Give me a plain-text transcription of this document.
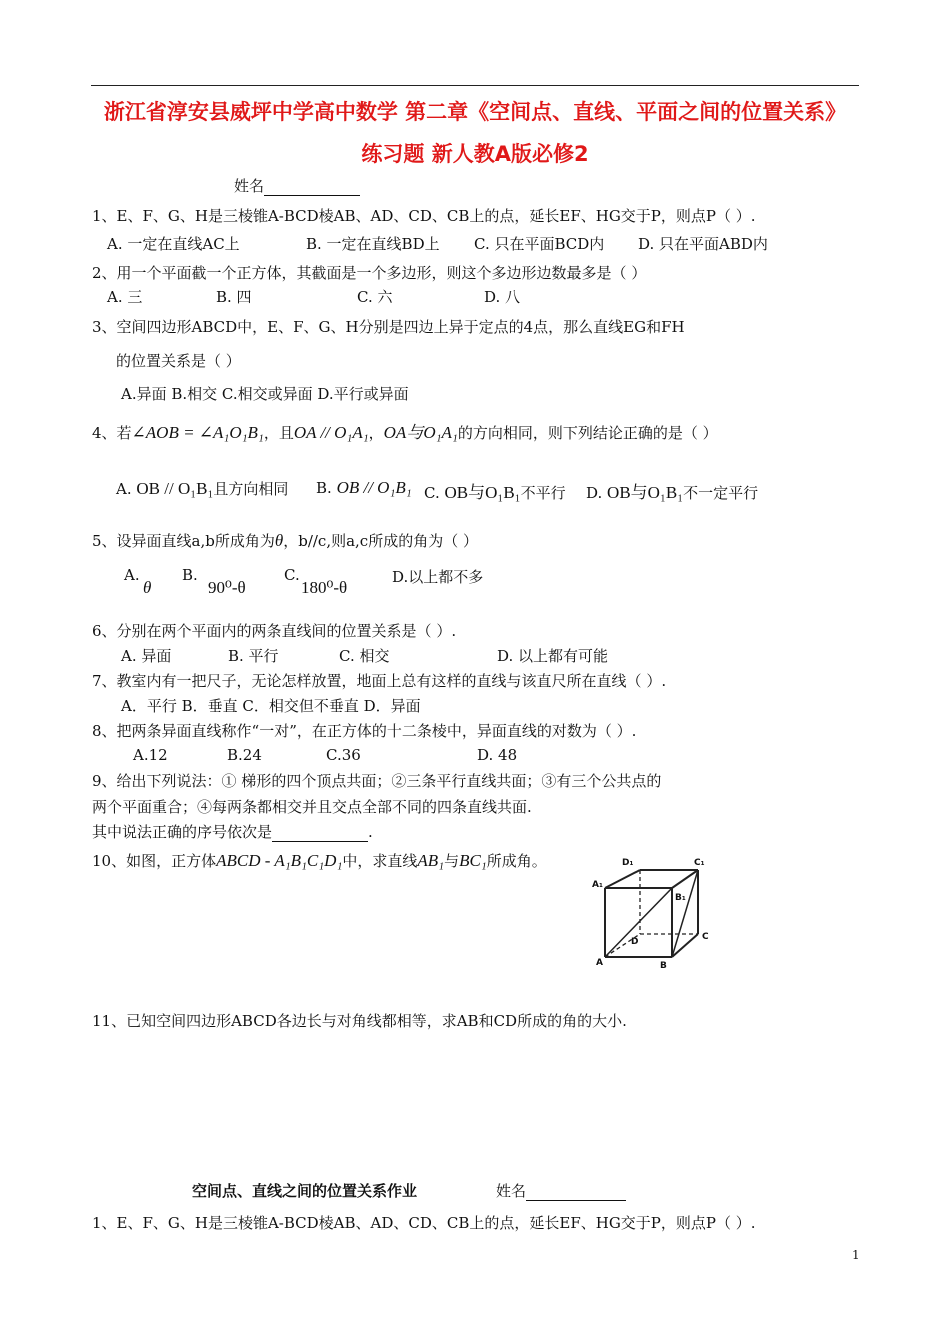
浙江省淳安县威坪中学高中数学 第二章《空间点、直线、平面之间的位置关系》
练习题 新人教A版必修2
姓名
1、E、F、G、H是三棱锥A-BCD棱AB、AD、CD、CB上的点，延长EF、HG交于P，则点P（ ）.
A. 一定在直线AC上	B. 一定在直线BD上 C. 只在平面BCD内 D. 只在平面ABD内
2、用一个平面截一个正方体，其截面是一个多边形，则这个多边形边数最多是（ ）
A. 三	B. 四	C. 六	D. 八
3、空间四边形ABCD中，E、F、G、H分别是四边上异于定点的4点，那么直线EG和FH
的位置关系是（ ）
A.异面 B.相交 C.相交或异面 D.平行或异面
4、若∠AOB = ∠A₁O₁B₁，且OA // O₁A₁，OA与O₁A₁的方向相同，则下列结论正确的是（ ）
A. OB // O₁B₁且方向相同 B. OB // O₁B₁ C. OB与O₁B₁不平行 D. OB与O₁B₁不一定平行
5、设异面直线a,b所成角为θ，b//c,则a,c所成的角为（ ）
A.
θ
B.
90⁰-θ
C.
180⁰-θ
D.以上都不多
6、分别在两个平面内的两条直线间的位置关系是（ ）.
A. 异面	B. 平行	C. 相交	D. 以上都有可能
7、教室内有一把尺子，无论怎样放置，地面上总有这样的直线与该直尺所在直线（ ）.
A．平行 B．垂直 C．相交但不垂直 D．异面
8、把两条异面直线称作“一对”，在正方体的十二条棱中，异面直线的对数为（ ）.
A.12	B.24	C.36	D. 48
9、给出下列说法：① 梯形的四个顶点共面；②三条平行直线共面；③有三个公共点的
两个平面重合；④每两条都相交并且交点全部不同的四条直线共面.
其中说法正确的序号依次是	.
10、如图，正方体ABCD - A₁B₁C₁D₁中，求直线AB₁与BC₁所成角。	D₁	C₁
A₁
B₁
D	C
A	B
11、已知空间四边形ABCD各边长与对角线都相等，求AB和CD所成的角的大小.
空间点、直线之间的位置关系作业	姓名
1、E、F、G、H是三棱锥A-BCD棱AB、AD、CD、CB上的点，延长EF、HG交于P，则点P（ ）.
1
